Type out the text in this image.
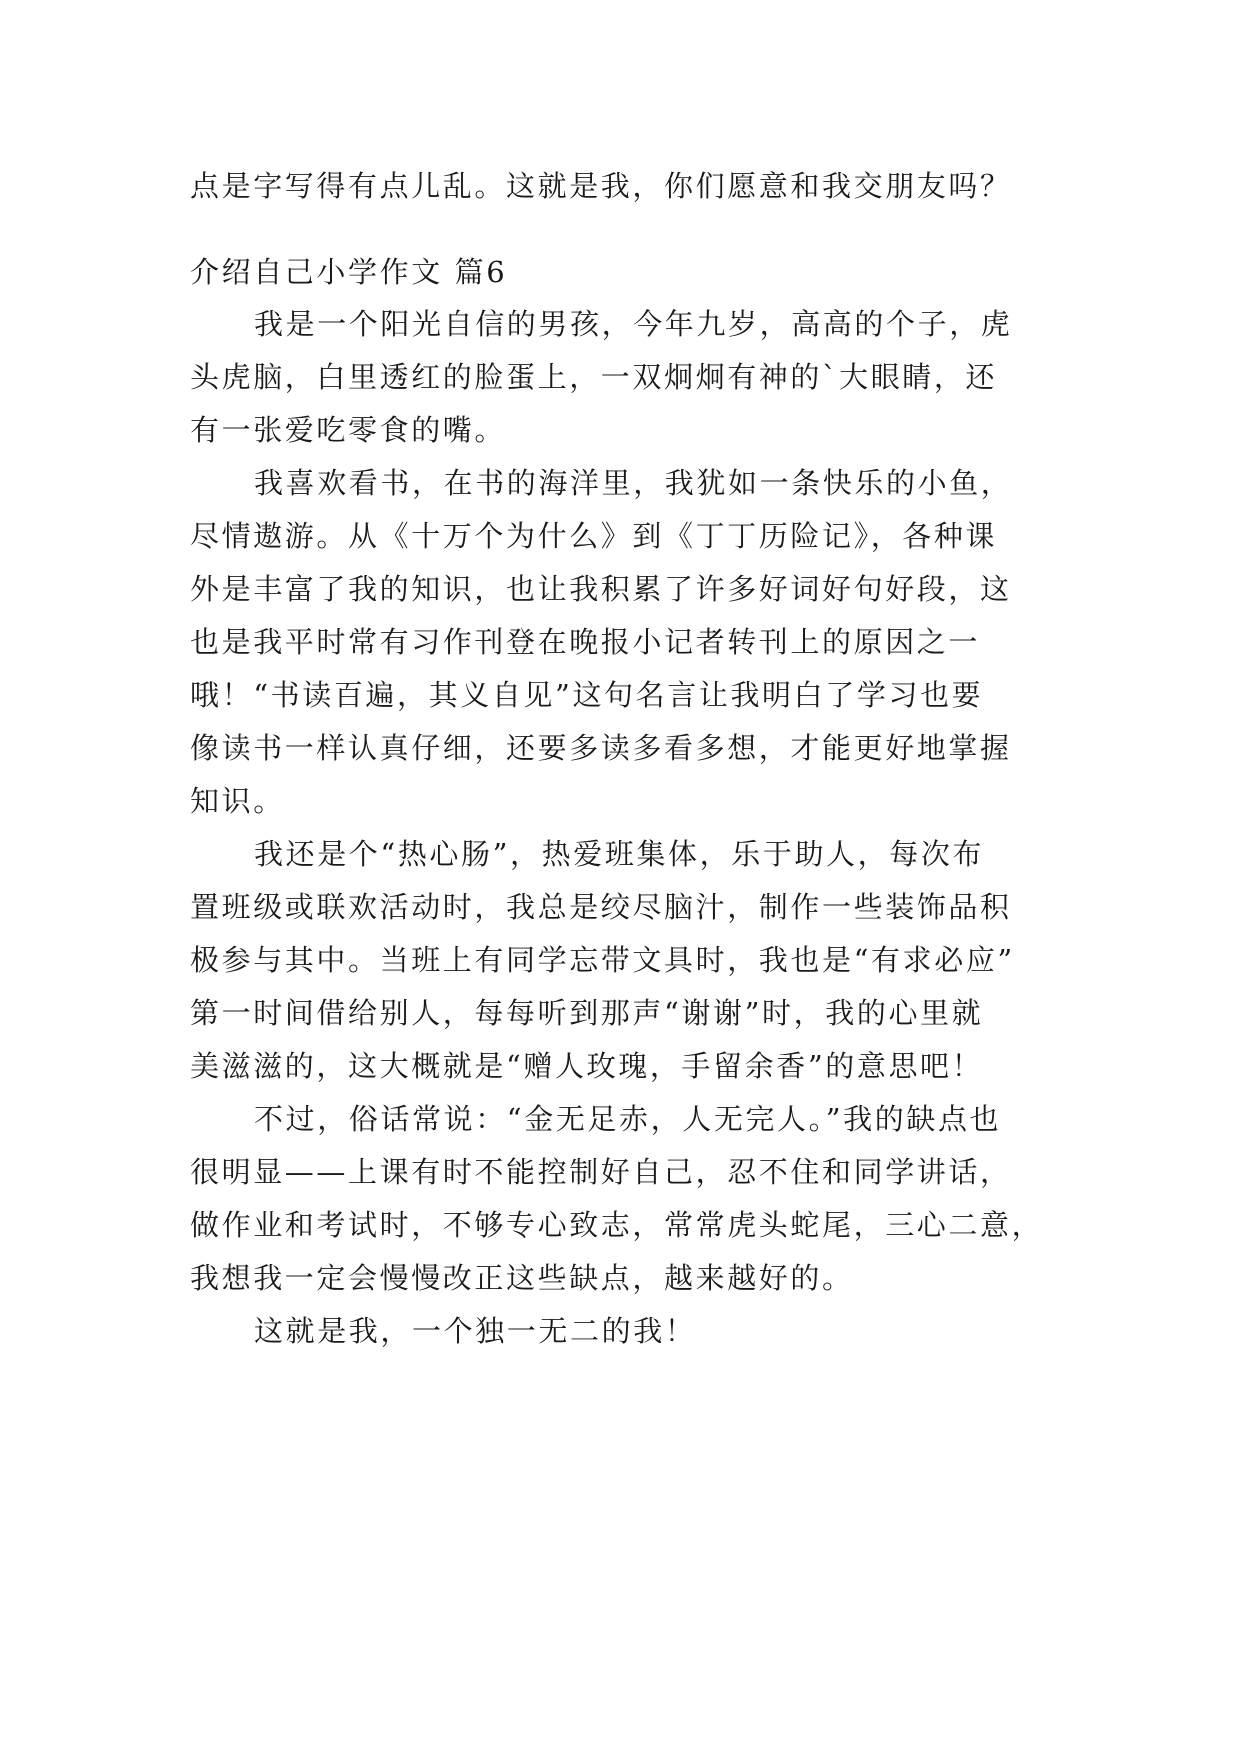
点是字写得有点儿乱。这就是我，你们愿意和我交朋友吗？
介绍自己小学作文 篇6
我是一个阳光自信的男孩，今年九岁，高高的个子，虎
头虎脑，白里透红的脸蛋上，一双炯炯有神的`大眼睛，还
有一张爱吃零食的嘴。
我喜欢看书，在书的海洋里，我犹如一条快乐的小鱼，
尽情遨游。从《十万个为什么》到《丁丁历险记》，各种课
外是丰富了我的知识，也让我积累了许多好词好句好段，这
也是我平时常有习作刊登在晚报小记者转刊上的原因之一
哦！“书读百遍，其义自见”这句名言让我明白了学习也要
像读书一样认真仔细，还要多读多看多想，才能更好地掌握
知识。
我还是个“热心肠”，热爱班集体，乐于助人，每次布
置班级或联欢活动时，我总是绞尽脑汁，制作一些装饰品积
极参与其中。当班上有同学忘带文具时，我也是“有求必应”
第一时间借给别人，每每听到那声“谢谢”时，我的心里就
美滋滋的，这大概就是“赠人玫瑰，手留余香”的意思吧！
不过，俗话常说：“金无足赤，人无完人。”我的缺点也
很明显——上课有时不能控制好自己，忍不住和同学讲话，
做作业和考试时，不够专心致志，常常虎头蛇尾，三心二意，
我想我一定会慢慢改正这些缺点，越来越好的。
这就是我，一个独一无二的我！
